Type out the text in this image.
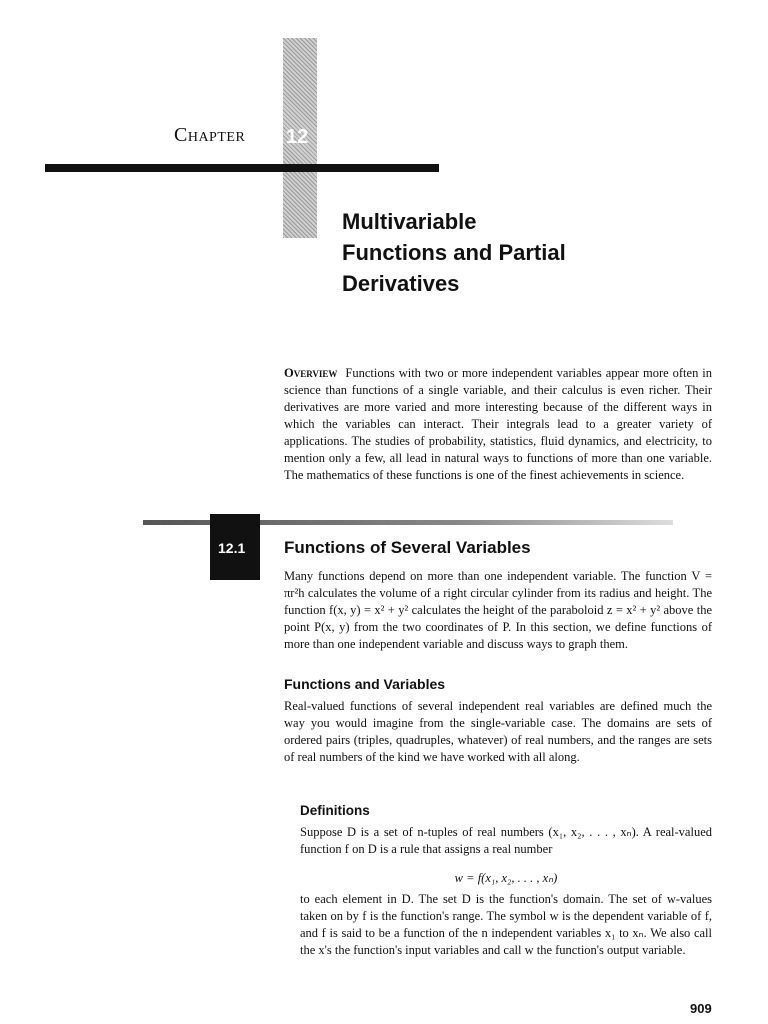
Chapter 12
Multivariable
Functions and Partial
Derivatives
Overview Functions with two or more independent variables appear more often in science than functions of a single variable, and their calculus is even richer. Their derivatives are more varied and more interesting because of the different ways in which the variables can interact. Their integrals lead to a greater variety of applications. The studies of probability, statistics, fluid dynamics, and electricity, to mention only a few, all lead in natural ways to functions of more than one variable. The mathematics of these functions is one of the finest achievements in science.
12.1 Functions of Several Variables
Many functions depend on more than one independent variable. The function V = πr²h calculates the volume of a right circular cylinder from its radius and height. The function f(x, y) = x² + y² calculates the height of the paraboloid z = x² + y² above the point P(x, y) from the two coordinates of P. In this section, we define functions of more than one independent variable and discuss ways to graph them.
Functions and Variables
Real-valued functions of several independent real variables are defined much the way you would imagine from the single-variable case. The domains are sets of ordered pairs (triples, quadruples, whatever) of real numbers, and the ranges are sets of real numbers of the kind we have worked with all along.
Definitions
Suppose D is a set of n-tuples of real numbers (x₁, x₂, . . . , xₙ). A real-valued function f on D is a rule that assigns a real number
w = f(x₁, x₂, . . . , xₙ)
to each element in D. The set D is the function's domain. The set of w-values taken on by f is the function's range. The symbol w is the dependent variable of f, and f is said to be a function of the n independent variables x₁ to xₙ. We also call the x's the function's input variables and call w the function's output variable.
909
